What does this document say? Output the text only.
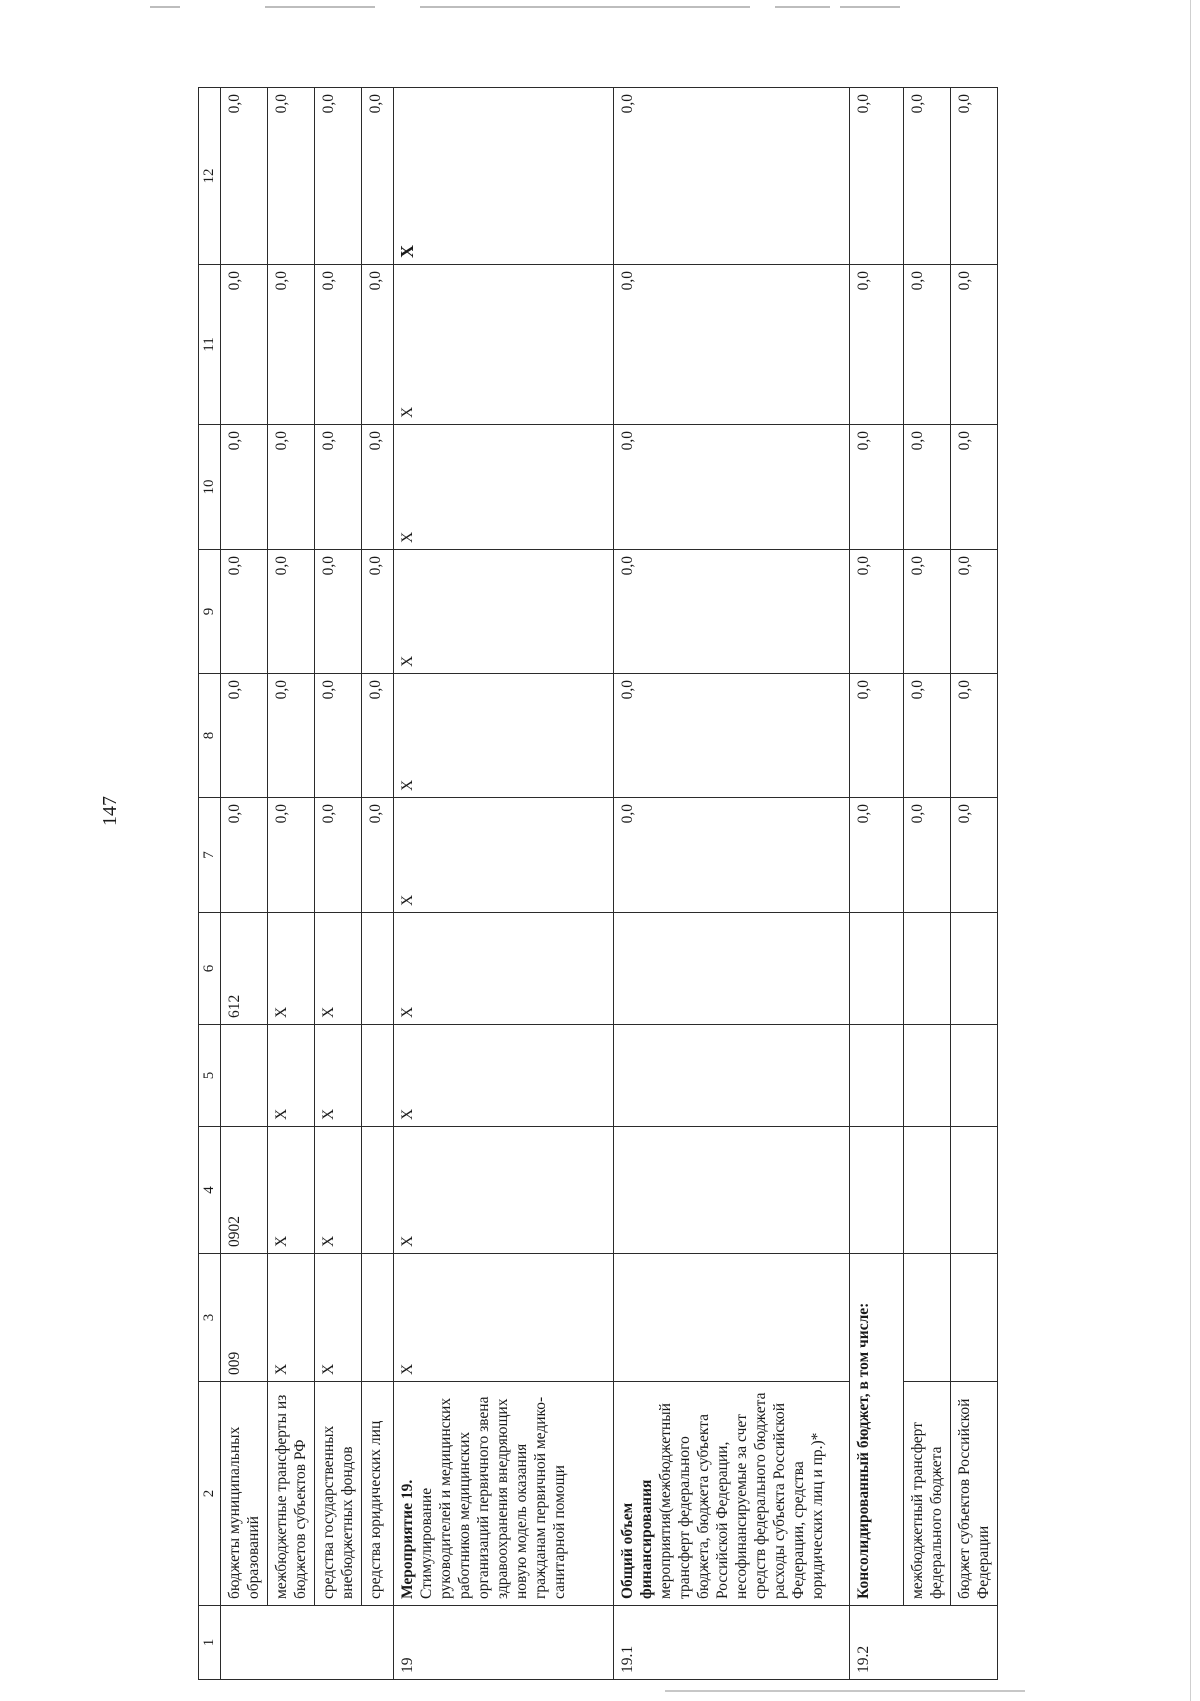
147
1	2	3	4	5	6	7	8	9	10	11	12
	бюджеты муниципальных образований	009	0902		612	0,0	0,0	0,0	0,0	0,0	0,0
	межбюджетные трансферты из бюджетов субъектов РФ	X	X	X	X	0,0	0,0	0,0	0,0	0,0	0,0
	средства государственных внебюджетных фондов	X	X	X	X	0,0	0,0	0,0	0,0	0,0	0,0
	средства юридических лиц					0,0	0,0	0,0	0,0	0,0	0,0
19	Мероприятие 19. Стимулирование руководителей и медицинских работников медицинских организаций первичного звена здравоохранения внедряющих новую модель оказания гражданам первичной медико-санитарной помощи	X	X	X	X	X	X	X	X	X	X
19.1	Общий объем финансирования мероприятия(межбюджетный трансферт федерального бюджета, бюджета субъекта Российской Федерации, несофинансируемые за счет средств федерального бюджета расходы субъекта Российской Федерации, средства юридических лиц и пр.)*					0,0	0,0	0,0	0,0	0,0	0,0
19.2	Консолидированный бюджет, в том числе:					0,0	0,0	0,0	0,0	0,0	0,0
	межбюджетный трансферт федерального бюджета					0,0	0,0	0,0	0,0	0,0	0,0
	бюджет субъектов Российской Федерации					0,0	0,0	0,0	0,0	0,0	0,0
